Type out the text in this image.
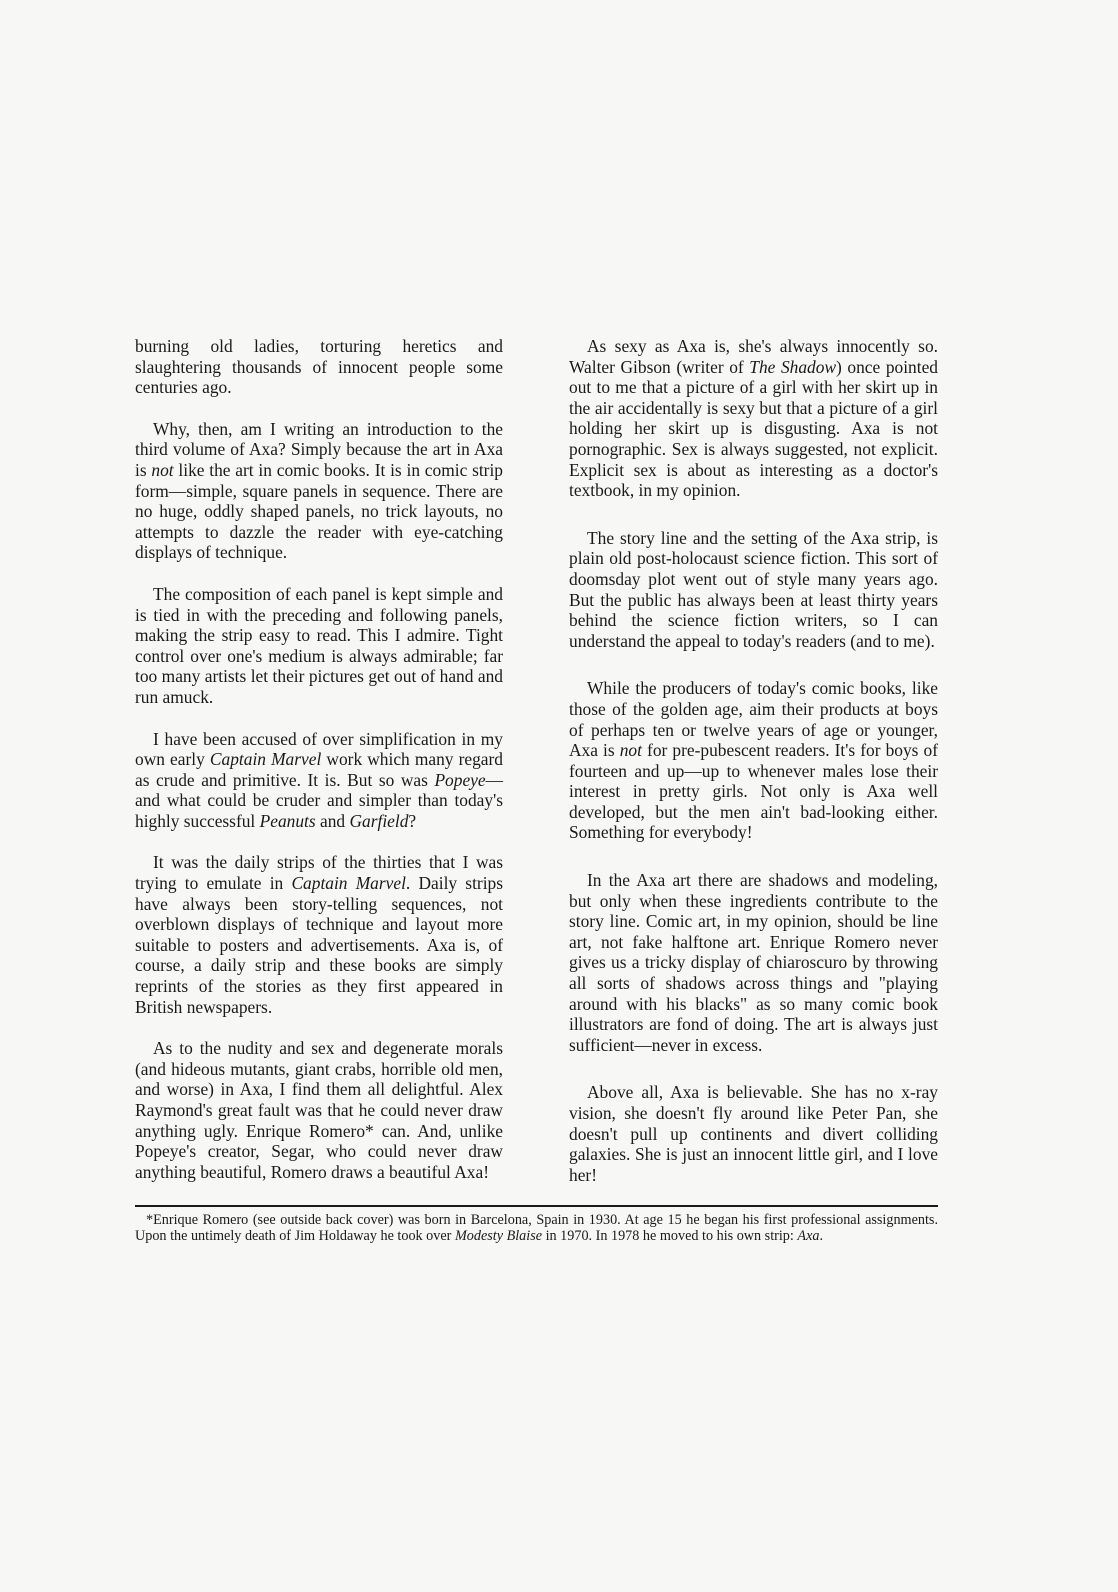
burning old ladies, torturing heretics and slaughtering thousands of innocent people some centuries ago.

Why, then, am I writing an introduction to the third volume of Axa? Simply because the art in Axa is not like the art in comic books. It is in comic strip form—simple, square panels in sequence. There are no huge, oddly shaped panels, no trick layouts, no attempts to dazzle the reader with eye-catching displays of technique.

The composition of each panel is kept simple and is tied in with the preceding and following panels, making the strip easy to read. This I admire. Tight control over one's medium is always admirable; far too many artists let their pictures get out of hand and run amuck.

I have been accused of over simplification in my own early Captain Marvel work which many regard as crude and primitive. It is. But so was Popeye—and what could be cruder and simpler than today's highly successful Peanuts and Garfield?

It was the daily strips of the thirties that I was trying to emulate in Captain Marvel. Daily strips have always been story-telling sequences, not overblown displays of technique and layout more suitable to posters and advertisements. Axa is, of course, a daily strip and these books are simply reprints of the stories as they first appeared in British newspapers.

As to the nudity and sex and degenerate morals (and hideous mutants, giant crabs, horrible old men, and worse) in Axa, I find them all delightful. Alex Raymond's great fault was that he could never draw anything ugly. Enrique Romero* can. And, unlike Popeye's creator, Segar, who could never draw anything beautiful, Romero draws a beautiful Axa!

As sexy as Axa is, she's always innocently so. Walter Gibson (writer of The Shadow) once pointed out to me that a picture of a girl with her skirt up in the air accidentally is sexy but that a picture of a girl holding her skirt up is disgusting. Axa is not pornographic. Sex is always suggested, not explicit. Explicit sex is about as interesting as a doctor's textbook, in my opinion.

The story line and the setting of the Axa strip, is plain old post-holocaust science fiction. This sort of doomsday plot went out of style many years ago. But the public has always been at least thirty years behind the science fiction writers, so I can understand the appeal to today's readers (and to me).

While the producers of today's comic books, like those of the golden age, aim their products at boys of perhaps ten or twelve years of age or younger, Axa is not for pre-pubescent readers. It's for boys of fourteen and up—up to whenever males lose their interest in pretty girls. Not only is Axa well developed, but the men ain't bad-looking either. Something for everybody!

In the Axa art there are shadows and modeling, but only when these ingredients contribute to the story line. Comic art, in my opinion, should be line art, not fake halftone art. Enrique Romero never gives us a tricky display of chiaroscuro by throwing all sorts of shadows across things and "playing around with his blacks" as so many comic book illustrators are fond of doing. The art is always just sufficient—never in excess.

Above all, Axa is believable. She has no x-ray vision, she doesn't fly around like Peter Pan, she doesn't pull up continents and divert colliding galaxies. She is just an innocent little girl, and I love her!

*Enrique Romero (see outside back cover) was born in Barcelona, Spain in 1930. At age 15 he began his first professional assignments. Upon the untimely death of Jim Holdaway he took over Modesty Blaise in 1970. In 1978 he moved to his own strip: Axa.
